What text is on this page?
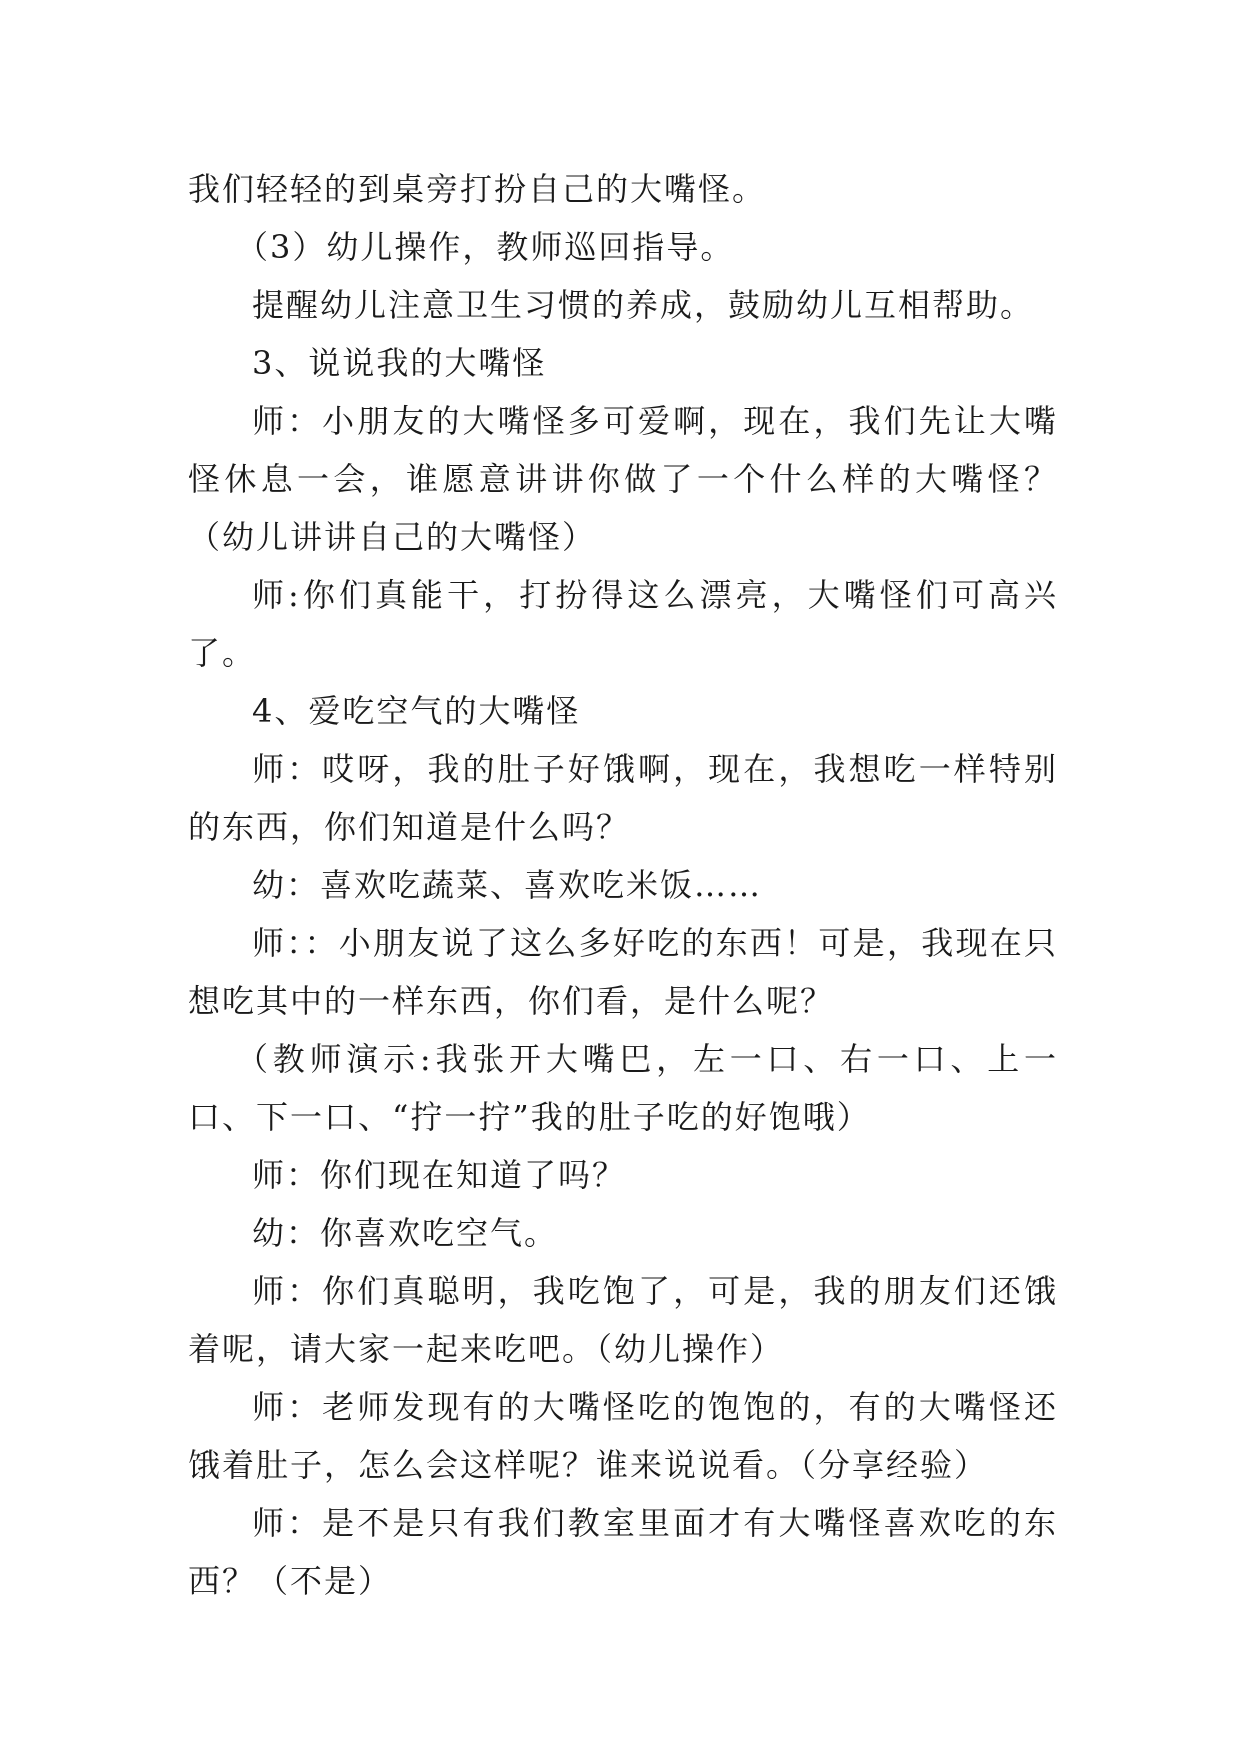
我们轻轻的到桌旁打扮自己的大嘴怪。

（3）幼儿操作，教师巡回指导。

提醒幼儿注意卫生习惯的养成，鼓励幼儿互相帮助。

3、说说我的大嘴怪

师：小朋友的大嘴怪多可爱啊，现在，我们先让大嘴怪休息一会，谁愿意讲讲你做了一个什么样的大嘴怪？（幼儿讲讲自己的大嘴怪）

师:你们真能干，打扮得这么漂亮，大嘴怪们可高兴了。

4、爱吃空气的大嘴怪

师：哎呀，我的肚子好饿啊，现在，我想吃一样特别的东西，你们知道是什么吗？

幼：喜欢吃蔬菜、喜欢吃米饭……

师：：小朋友说了这么多好吃的东西！可是，我现在只想吃其中的一样东西，你们看，是什么呢？

（教师演示:我张开大嘴巴，左一口、右一口、上一口、下一口、“拧一拧”我的肚子吃的好饱哦）

师：你们现在知道了吗？

幼：你喜欢吃空气。

师：你们真聪明，我吃饱了，可是，我的朋友们还饿着呢，请大家一起来吃吧。（幼儿操作）

师：老师发现有的大嘴怪吃的饱饱的，有的大嘴怪还饿着肚子，怎么会这样呢？谁来说说看。（分享经验）

师：是不是只有我们教室里面才有大嘴怪喜欢吃的东西？（不是）
